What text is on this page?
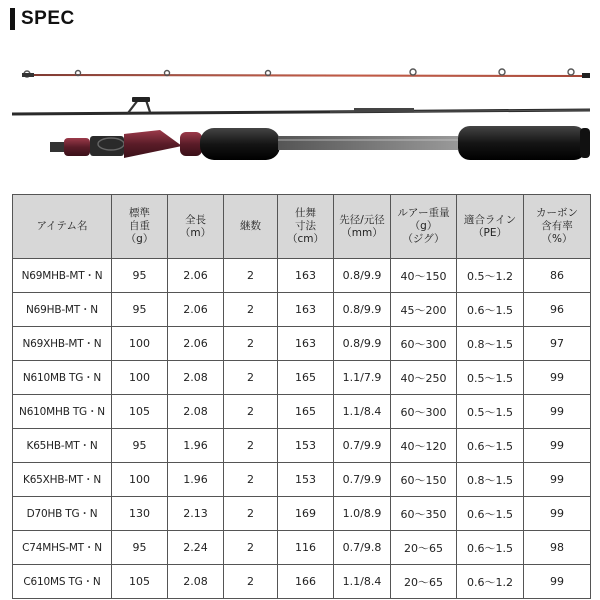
SPEC
アイテム名	標準
自重
（g）	全長
（m）	継数	仕舞
寸法
（cm）	先径/元径
（mm）	ルアー重量
（g）
（ジグ）	適合ライン
（PE）	カーボン
含有率
（%）

N69MHB-MT・N	95	2.06	2	163	0.8/9.9	40～150	0.5～1.2	86
N69HB-MT・N	95	2.06	2	163	0.8/9.9	45～200	0.6～1.5	96
N69XHB-MT・N	100	2.06	2	163	0.8/9.9	60～300	0.8～1.5	97
N610MB TG・N	100	2.08	2	165	1.1/7.9	40～250	0.5～1.5	99
N610MHB TG・N	105	2.08	2	165	1.1/8.4	60～300	0.5～1.5	99
K65HB-MT・N	95	1.96	2	153	0.7/9.9	40～120	0.6～1.5	99
K65XHB-MT・N	100	1.96	2	153	0.7/9.9	60～150	0.8～1.5	99
D70HB TG・N	130	2.13	2	169	1.0/8.9	60～350	0.6～1.5	99
C74MHS-MT・N	95	2.24	2	116	0.7/9.8	20～65	0.6～1.5	98
C610MS TG・N	105	2.08	2	166	1.1/8.4	20～65	0.6～1.2	99
